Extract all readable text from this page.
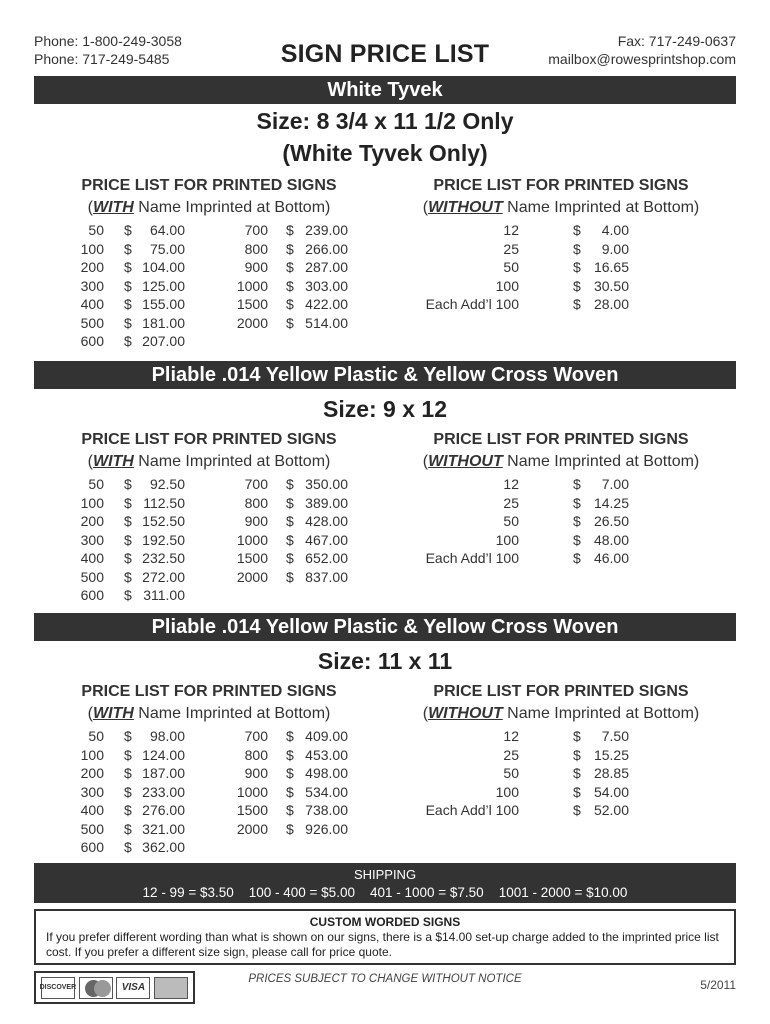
Phone: 1-800-249-3058
Phone: 717-249-5485	SIGN PRICE LIST	Fax: 717-249-0637
mailbox@rowesprintshop.com
White Tyvek
Size: 8 3/4 x 11 1/2 Only
(White Tyvek Only)
PRICE LIST FOR PRINTED SIGNS
(WITH Name Imprinted at Bottom)
PRICE LIST FOR PRINTED SIGNS
(WITHOUT Name Imprinted at Bottom)
50 $	64.00
100 $	75.00
200 $ 104.00
300 $ 125.00
400 $ 155.00
500 $ 181.00
600 $ 207.00
700 $ 239.00
800 $ 266.00
900 $ 287.00
1000 $ 303.00
1500 $ 422.00
2000 $ 514.00
12	$	4.00
25	$	9.00
50	$ 16.65
100	$ 30.50
Each Add’l 100	$ 28.00
Pliable .014 Yellow Plastic & Yellow Cross Woven
Size: 9 x 12
PRICE LIST FOR PRINTED SIGNS
(WITH Name Imprinted at Bottom)
PRICE LIST FOR PRINTED SIGNS
(WITHOUT Name Imprinted at Bottom)
50 $	92.50
100 $ 112.50
200 $ 152.50
300 $ 192.50
400 $ 232.50
500 $ 272.00
600 $ 311.00
700 $ 350.00
800 $ 389.00
900 $ 428.00
1000 $ 467.00
1500 $ 652.00
2000 $ 837.00
12	$	7.00
25	$ 14.25
50	$ 26.50
100	$ 48.00
Each Add’l 100	$ 46.00
Pliable .014 Yellow Plastic & Yellow Cross Woven
Size: 11 x 11
PRICE LIST FOR PRINTED SIGNS
(WITH Name Imprinted at Bottom)
PRICE LIST FOR PRINTED SIGNS
(WITHOUT Name Imprinted at Bottom)
50 $	98.00
100 $ 124.00
200 $ 187.00
300 $ 233.00
400 $ 276.00
500 $ 321.00
600 $ 362.00
700 $ 409.00
800 $ 453.00
900 $ 498.00
1000 $ 534.00
1500 $ 738.00
2000 $ 926.00
12	$	7.50
25	$ 15.25
50	$ 28.85
100	$ 54.00
Each Add’l 100	$ 52.00
SHIPPING
12 - 99 = $3.50    100 - 400 = $5.00    401 - 1000 = $7.50    1001 - 2000 = $10.00
CUSTOM WORDED SIGNS
If you prefer different wording than what is shown on our signs, there is a $14.00 set-up charge added to the imprinted price list cost. If you prefer a different size sign, please call for price quote.
DISCOVER	VISA
PRICES SUBJECT TO CHANGE WITHOUT NOTICE	5/2011
